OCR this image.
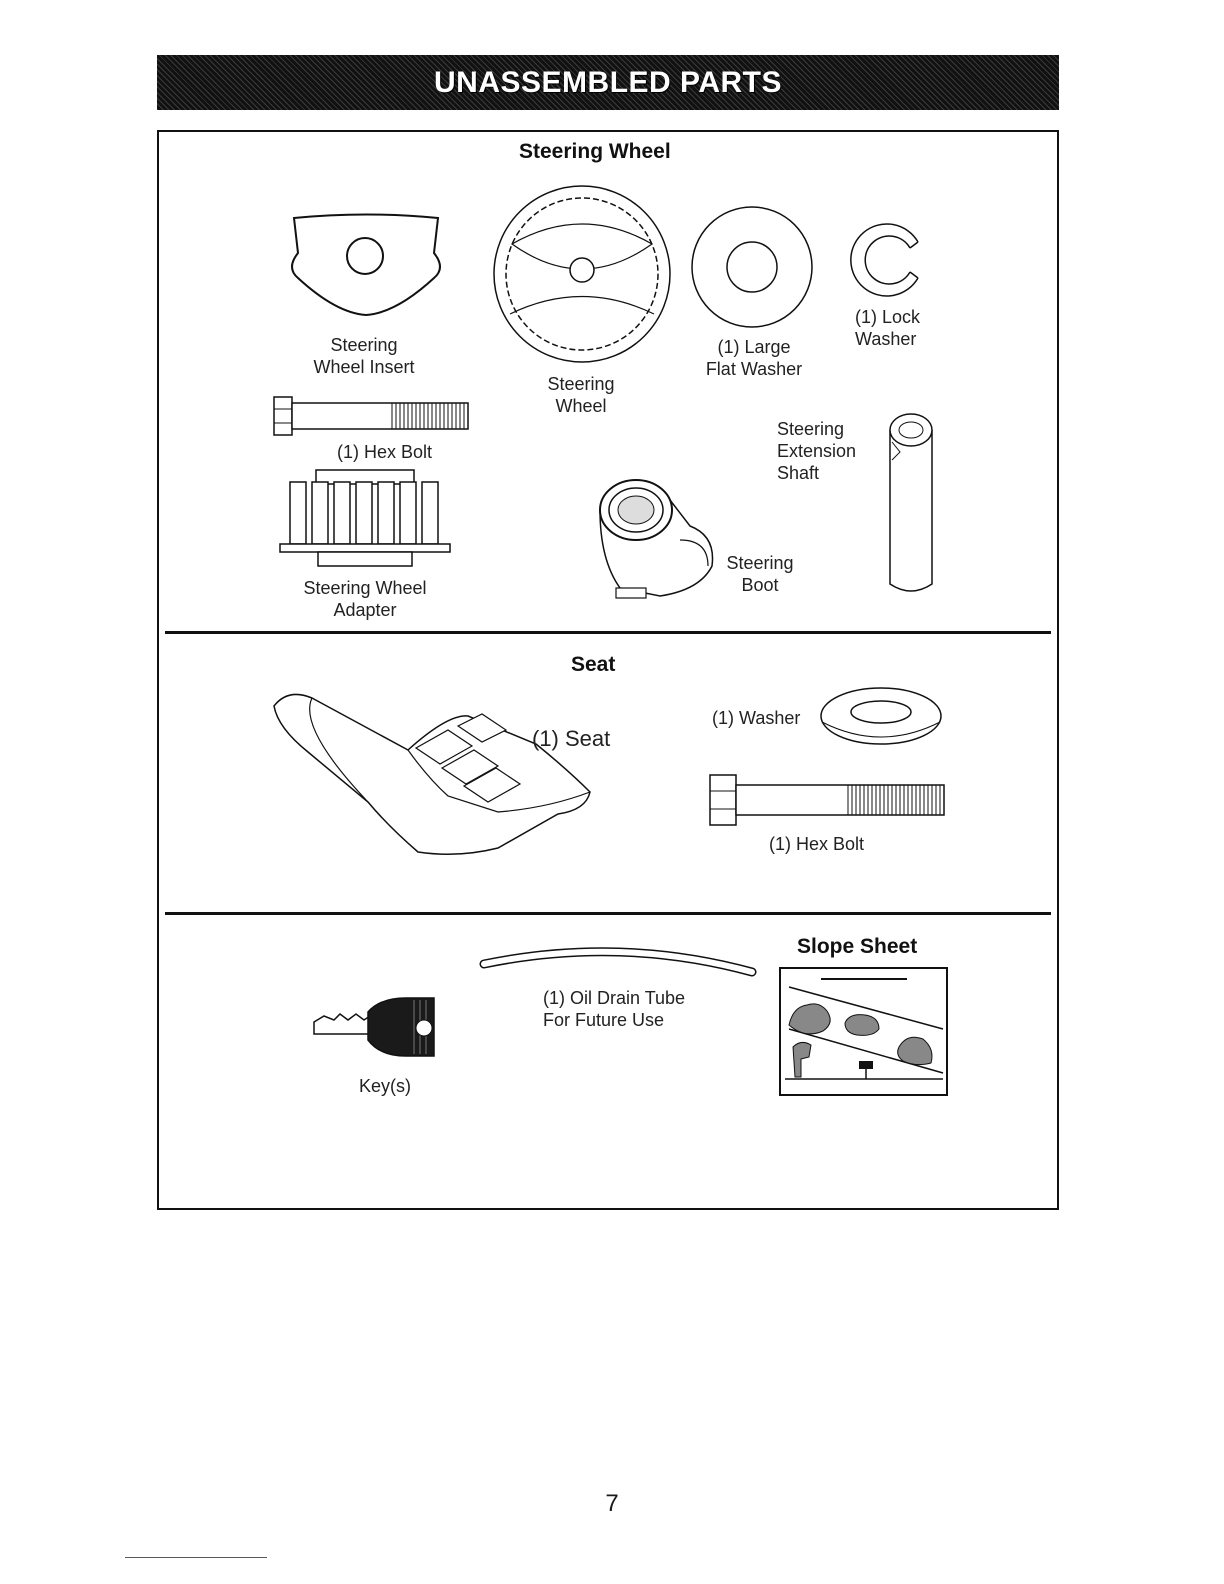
UNASSEMBLED PARTS
Steering Wheel
Steering
Wheel Insert
Steering
Wheel
(1) Large
Flat Washer
(1) Lock
Washer
(1) Hex Bolt
Steering Wheel
Adapter
Steering
Boot
Steering
Extension
Shaft
Seat
(1) Seat
(1) Washer
(1) Hex Bolt
(1) Oil Drain Tube
For Future Use
Key(s)
Slope Sheet
7
